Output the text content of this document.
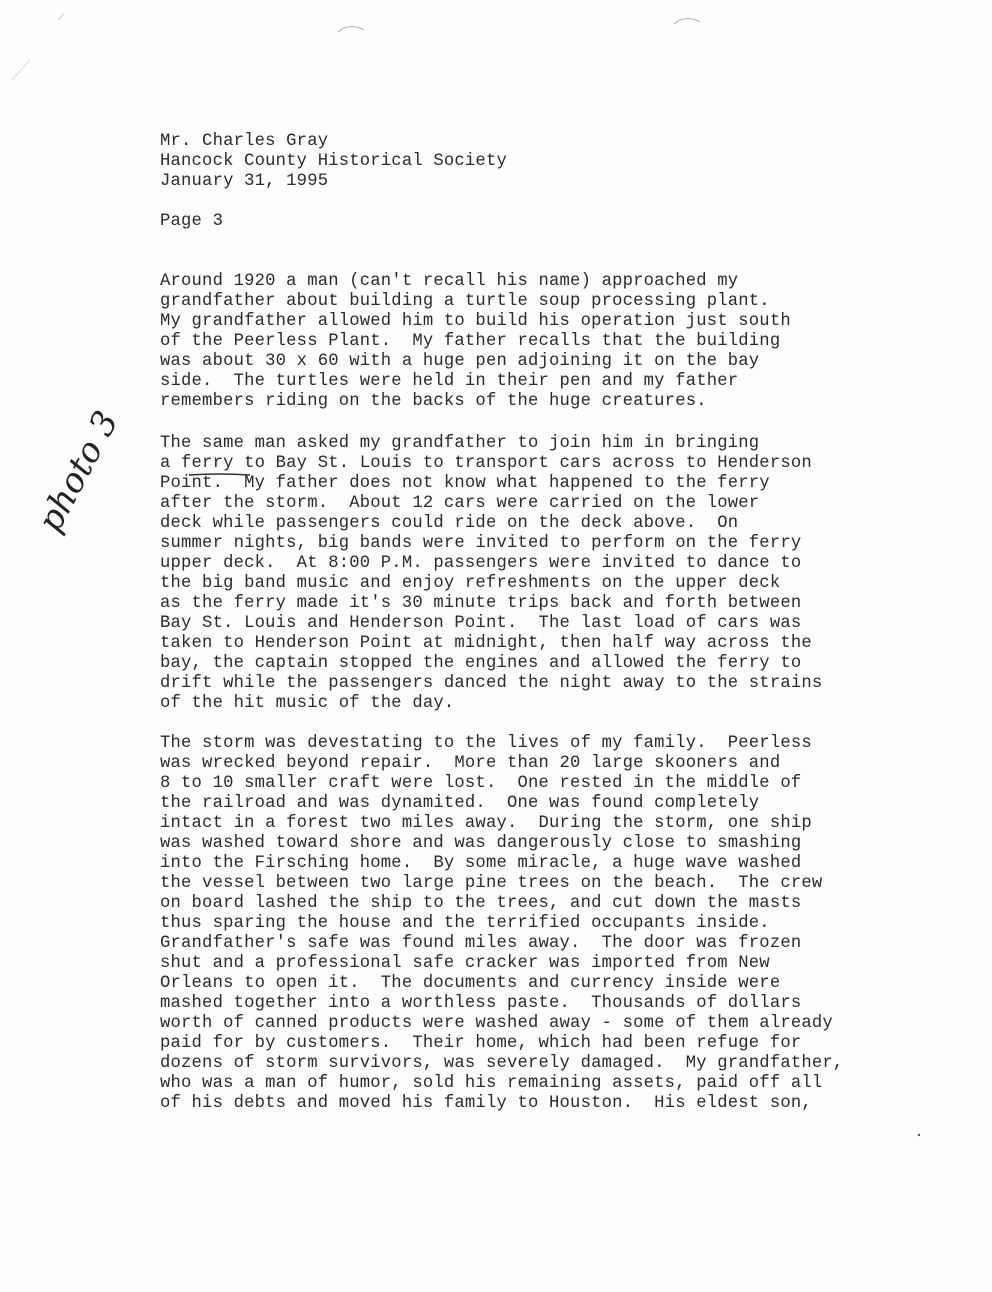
Mr. Charles Gray
Hancock County Historical Society
January 31, 1995
Page 3
photo 3
Around 1920 a man (can't recall his name) approached my
grandfather about building a turtle soup processing plant.
My grandfather allowed him to build his operation just south
of the Peerless Plant.  My father recalls that the building
was about 30 x 60 with a huge pen adjoining it on the bay
side.  The turtles were held in their pen and my father
remembers riding on the backs of the huge creatures.
The same man asked my grandfather to join him in bringing
a ferry to Bay St. Louis to transport cars across to Henderson
Point.  My father does not know what happened to the ferry
after the storm.  About 12 cars were carried on the lower
deck while passengers could ride on the deck above.  On
summer nights, big bands were invited to perform on the ferry
upper deck.  At 8:00 P.M. passengers were invited to dance to
the big band music and enjoy refreshments on the upper deck
as the ferry made it's 30 minute trips back and forth between
Bay St. Louis and Henderson Point.  The last load of cars was
taken to Henderson Point at midnight, then half way across the
bay, the captain stopped the engines and allowed the ferry to
drift while the passengers danced the night away to the strains
of the hit music of the day.
The storm was devestating to the lives of my family.  Peerless
was wrecked beyond repair.  More than 20 large skooners and
8 to 10 smaller craft were lost.  One rested in the middle of
the railroad and was dynamited.  One was found completely
intact in a forest two miles away.  During the storm, one ship
was washed toward shore and was dangerously close to smashing
into the Firsching home.  By some miracle, a huge wave washed
the vessel between two large pine trees on the beach.  The crew
on board lashed the ship to the trees, and cut down the masts
thus sparing the house and the terrified occupants inside.
Grandfather's safe was found miles away.  The door was frozen
shut and a professional safe cracker was imported from New
Orleans to open it.  The documents and currency inside were
mashed together into a worthless paste.  Thousands of dollars
worth of canned products were washed away - some of them already
paid for by customers.  Their home, which had been refuge for
dozens of storm survivors, was severely damaged.  My grandfather,
who was a man of humor, sold his remaining assets, paid off all
of his debts and moved his family to Houston.  His eldest son,
